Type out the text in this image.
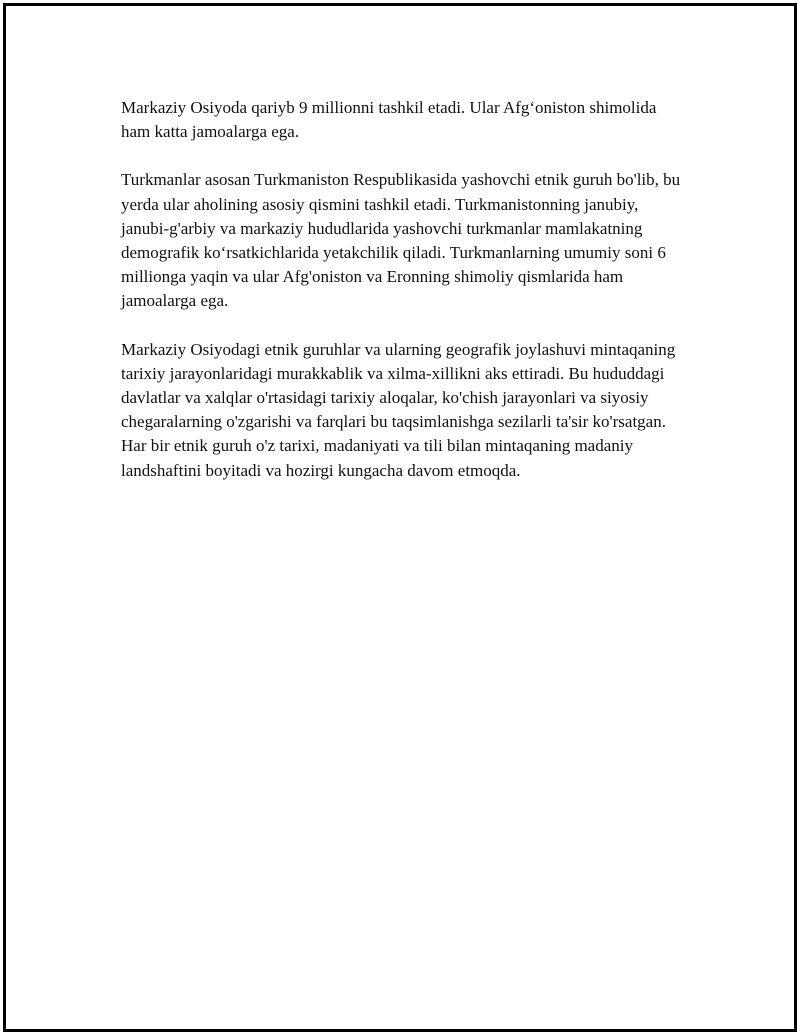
Markaziy Osiyoda qariyb 9 millionni tashkil etadi. Ular Afg‘oniston shimolida ham katta jamoalarga ega.

Turkmanlar asosan Turkmaniston Respublikasida yashovchi etnik guruh bo'lib, bu yerda ular aholining asosiy qismini tashkil etadi. Turkmanistonning janubiy, janubi-g'arbiy va markaziy hududlarida yashovchi turkmanlar mamlakatning demografik ko‘rsatkichlarida yetakchilik qiladi. Turkmanlarning umumiy soni 6 millionga yaqin va ular Afg'oniston va Eronning shimoliy qismlarida ham jamoalarga ega.

Markaziy Osiyodagi etnik guruhlar va ularning geografik joylashuvi mintaqaning tarixiy jarayonlaridagi murakkablik va xilma-xillikni aks ettiradi. Bu hududdagi davlatlar va xalqlar o'rtasidagi tarixiy aloqalar, ko'chish jarayonlari va siyosiy chegaralarning o'zgarishi va farqlari bu taqsimlanishga sezilarli ta'sir ko'rsatgan. Har bir etnik guruh o'z tarixi, madaniyati va tili bilan mintaqaning madaniy landshaftini boyitadi va hozirgi kungacha davom etmoqda.
